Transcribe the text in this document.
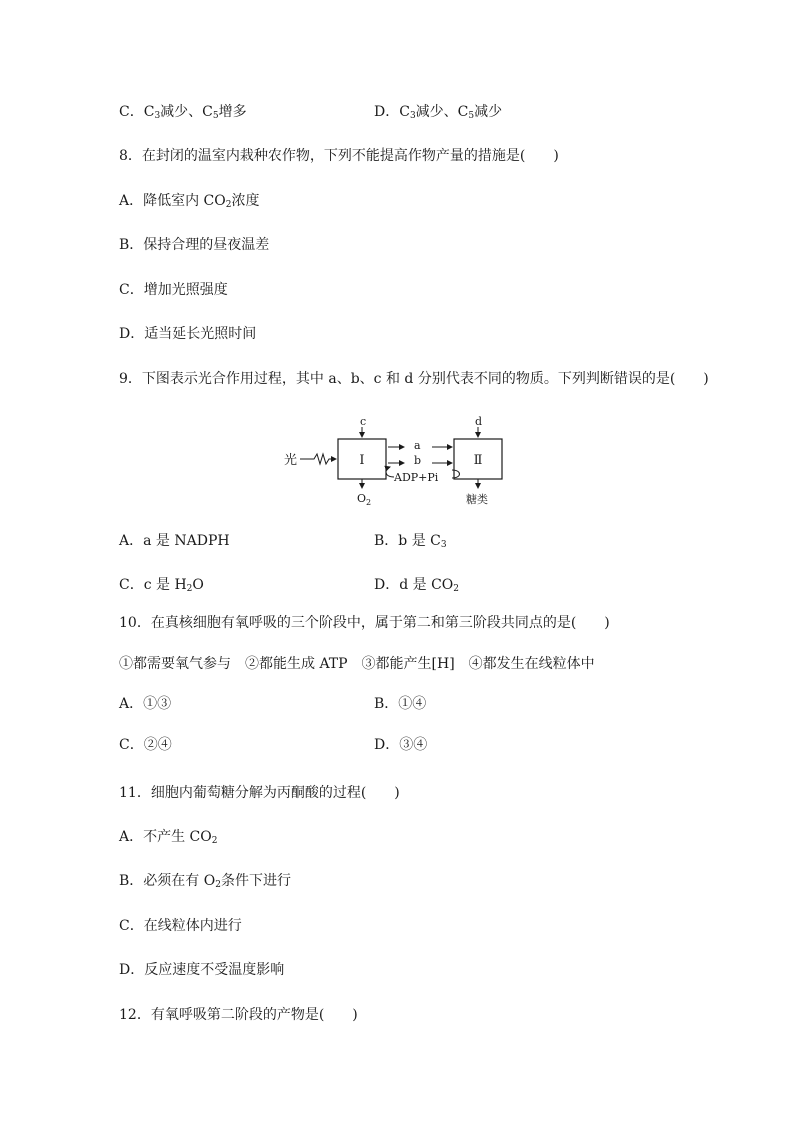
C．$C_3$减少、$C_5$增多	D．$C_3$减少、$C_5$减少
8．在封闭的温室内栽种农作物，下列不能提高作物产量的措施是(　　)
A．降低室内 $CO_2$浓度
B．保持合理的昼夜温差
C．增加光照强度
D．适当延长光照时间
9．下图表示光合作用过程，其中 a、b、c 和 d 分别代表不同的物质。下列判断错误的是(　　)
光	Ⅰ
c
$O_2$
Ⅱ
d
糖类
a
b
ADP+Pi
A．a 是 NADPH	B．b 是 $C_3$
C．c 是 $H_2O$	D．d 是 $CO_2$
10．在真核细胞有氧呼吸的三个阶段中，属于第二和第三阶段共同点的是(　　)
①都需要氧气参与　②都能生成 ATP　③都能产生[H]　④都发生在线粒体中
A．①③	B．①④
C．②④	D．③④
11．细胞内葡萄糖分解为丙酮酸的过程(　　)
A．不产生 $CO_2$
B．必须在有 $O_2$条件下进行
C．在线粒体内进行
D．反应速度不受温度影响
12．有氧呼吸第二阶段的产物是(　　)
